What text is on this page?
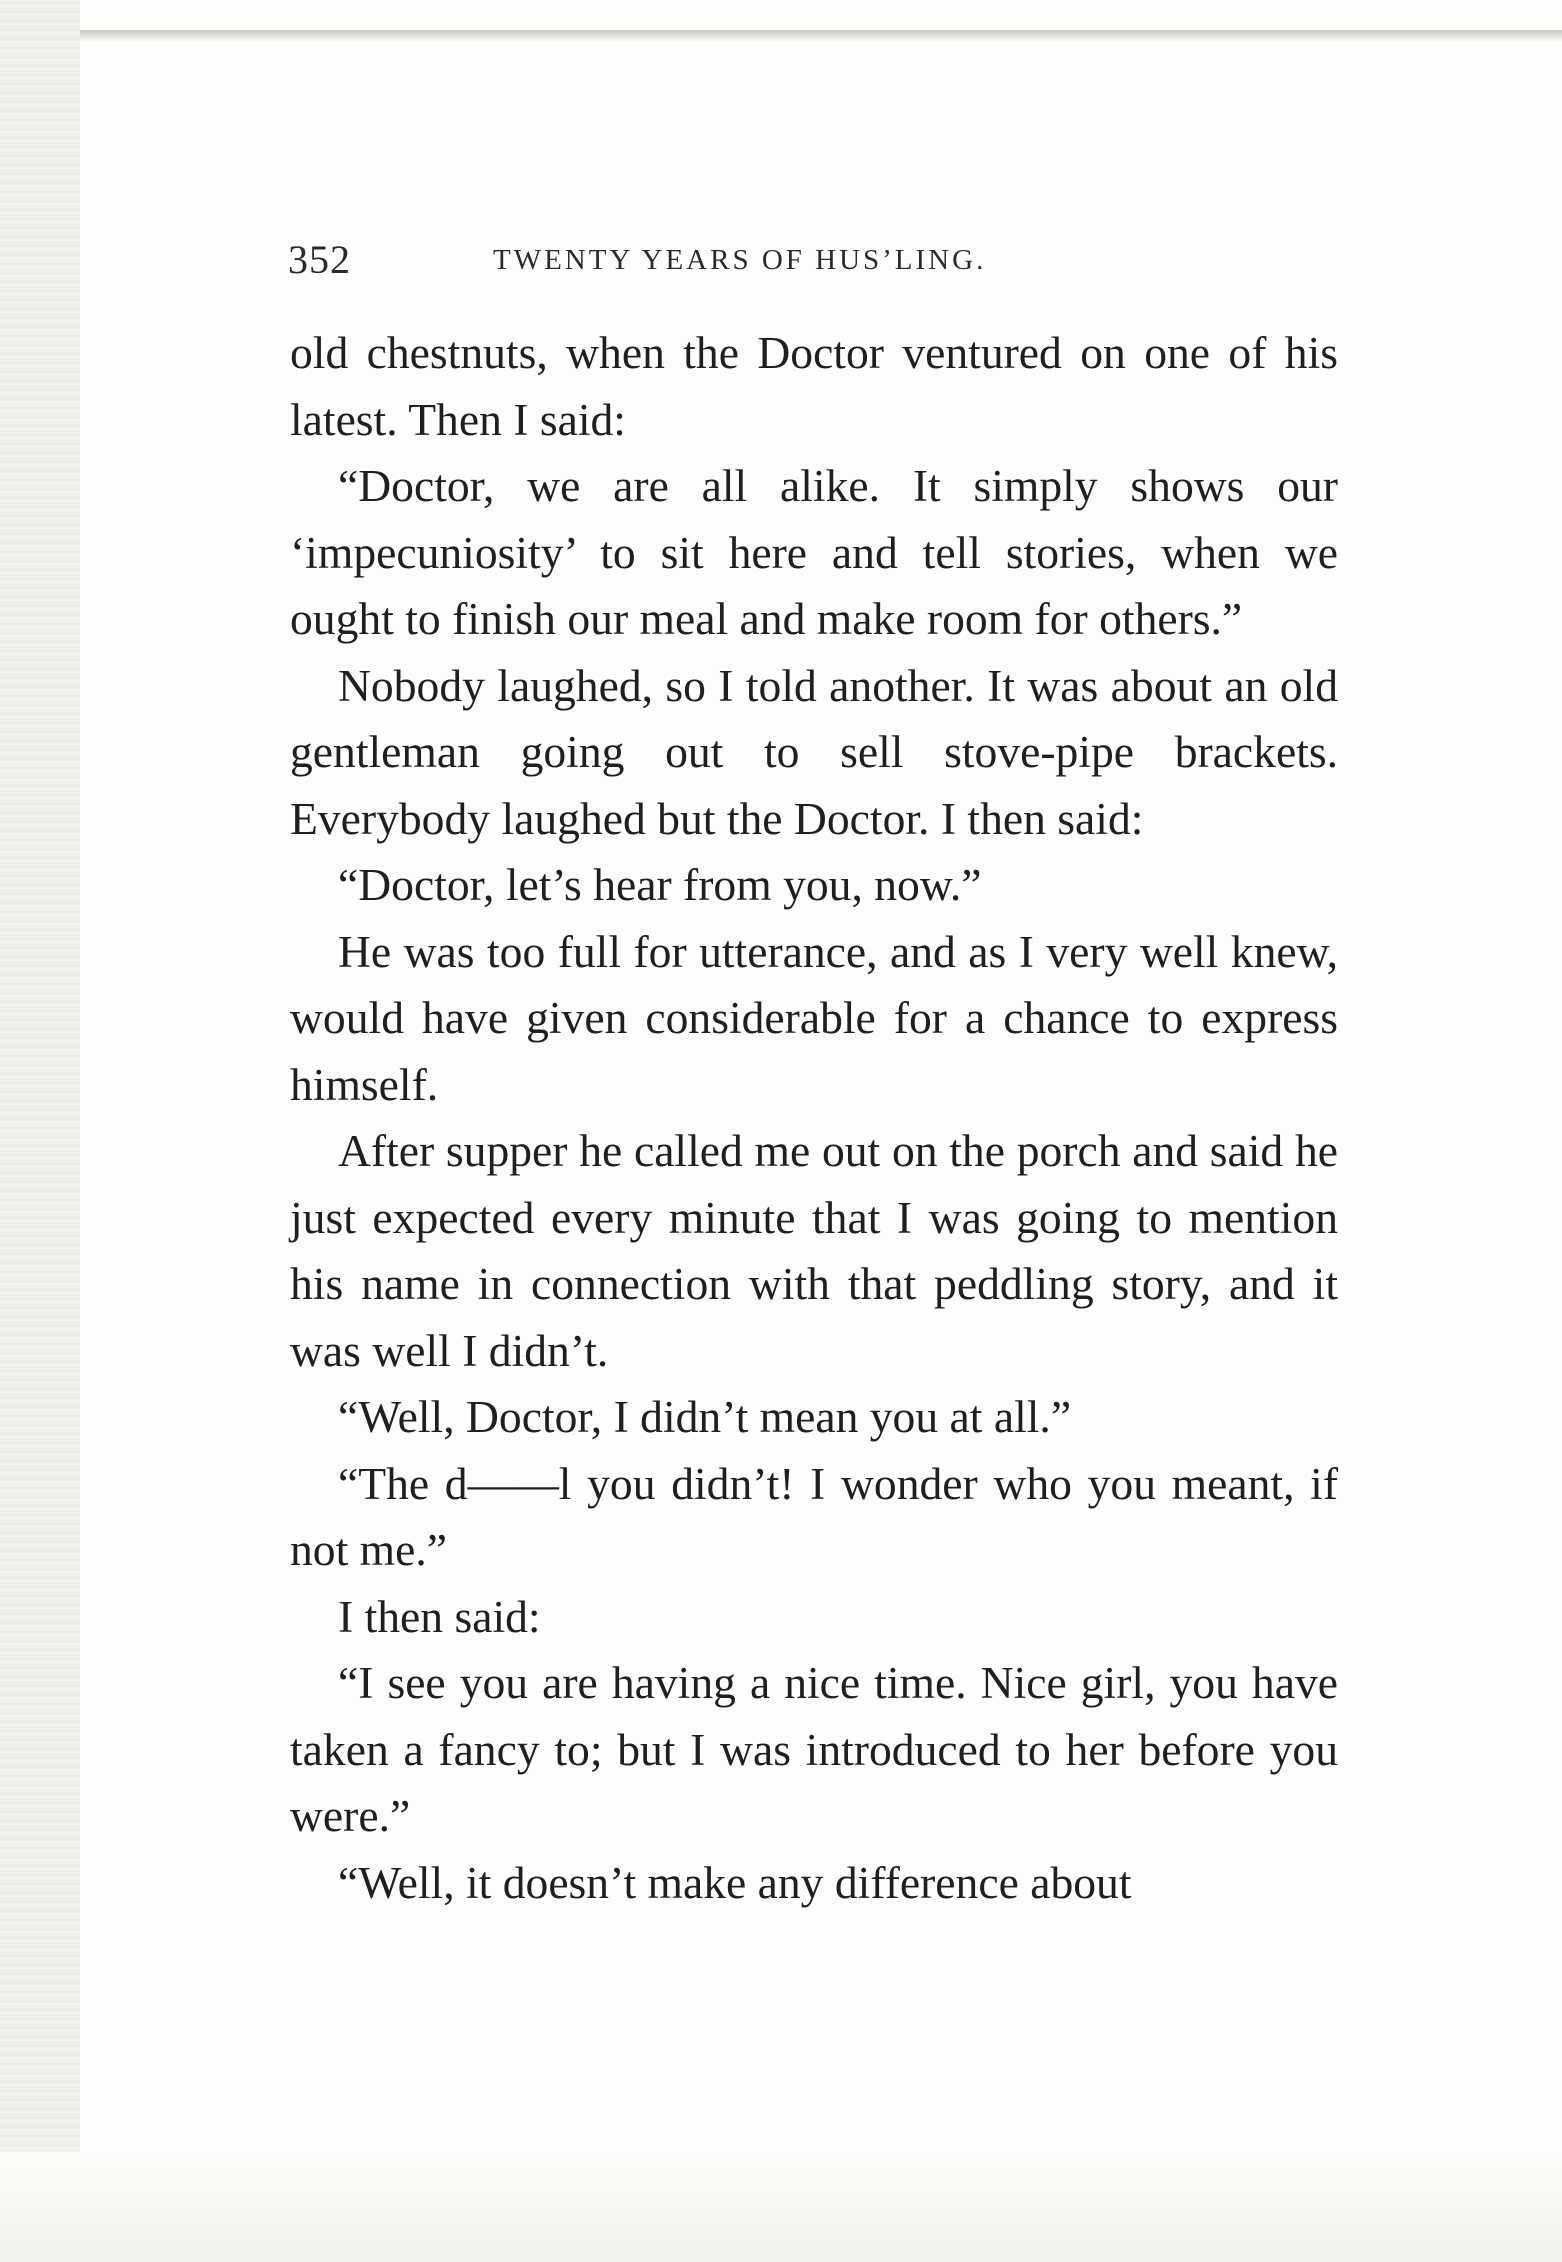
352	TWENTY YEARS OF HUS’LING.

old chestnuts, when the Doctor ventured on one of his latest. Then I said:

“Doctor, we are all alike. It simply shows our ‘impecuniosity’ to sit here and tell stories, when we ought to finish our meal and make room for others.”

Nobody laughed, so I told another. It was about an old gentleman going out to sell stove-pipe brackets. Everybody laughed but the Doctor. I then said:

“Doctor, let’s hear from you, now.”

He was too full for utterance, and as I very well knew, would have given considerable for a chance to express himself.

After supper he called me out on the porch and said he just expected every minute that I was going to mention his name in connection with that peddling story, and it was well I didn’t.

“Well, Doctor, I didn’t mean you at all.”

“The d——l you didn’t! I wonder who you meant, if not me.”

I then said:

“I see you are having a nice time. Nice girl, you have taken a fancy to; but I was introduced to her before you were.”

“Well, it doesn’t make any difference about
